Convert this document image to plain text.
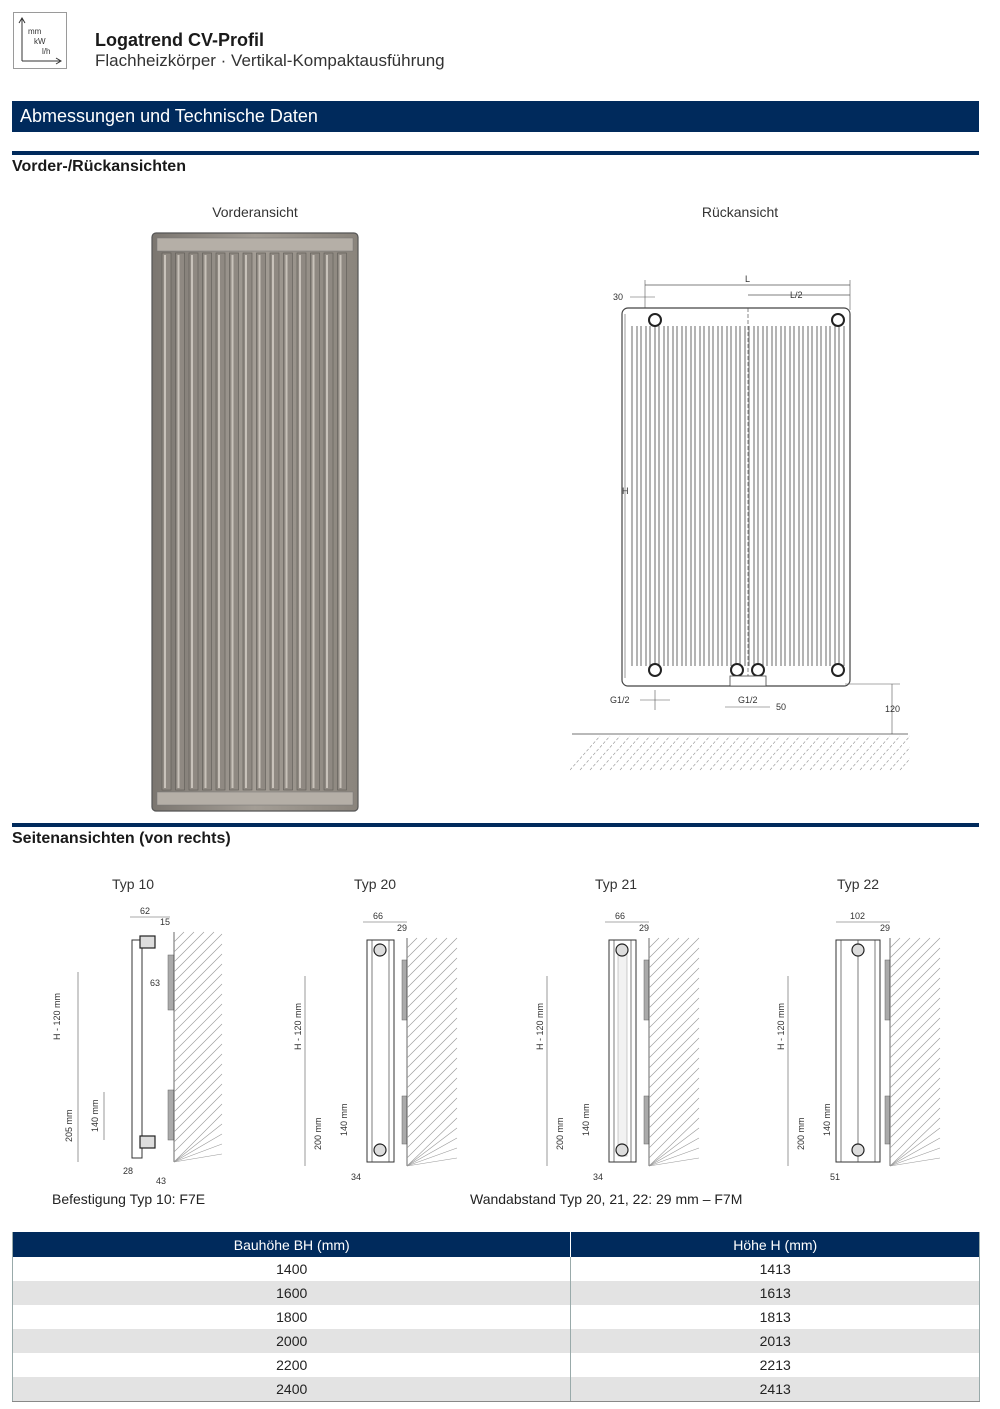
mm
kW
l/h
Logatrend CV-Profil
Flachheizkörper · Vertikal-Kompaktausführung
Abmessungen und Technische Daten
Vorder-/Rückansichten
Vorderansicht	Rückansicht
L
L/2
30
H
G1/2	G1/2
50	120
Seitenansichten (von rechts)
Typ 10	Typ 20	Typ 21	Typ 22
62
15
63
H - 120 mm
205 mm 140 mm
28
43
66
29
H - 120 mm
200 mm 140 mm
34
66
29
H - 120 mm
200 mm 140 mm
34
102
29
H - 120 mm
200 mm 140 mm
51
Befestigung Typ 10: F7E	Wandabstand Typ 20, 21, 22: 29 mm – F7M
Bauhöhe BH (mm)	Höhe H (mm)
1400	1413
1600	1613
1800	1813
2000	2013
2200	2213
2400	2413
